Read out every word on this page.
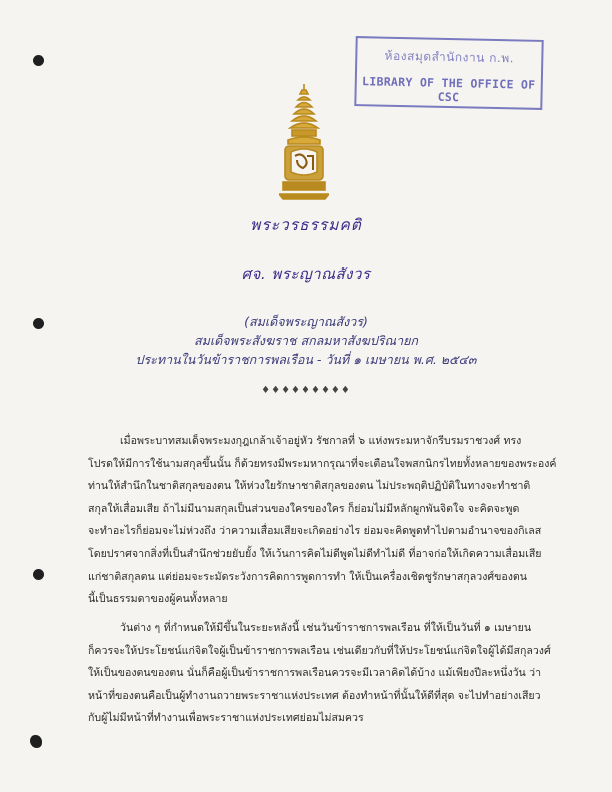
ห้องสมุดสำนักงาน ก.พ.
LIBRARY OF THE OFFICE OF CSC
พระวรธรรมคติ
ศจ. พระญาณสังวร
(สมเด็จพระญาณสังวร)
สมเด็จพระสังฆราช สกลมหาสังฆปริณายก
ประทานในวันข้าราชการพลเรือน - วันที่ ๑ เมษายน พ.ศ. ๒๕๔๓
♦♦♦♦♦♦♦♦♦
เมื่อพระบาทสมเด็จพระมงกุฎเกล้าเจ้าอยู่หัว รัชกาลที่ ๖ แห่งพระมหาจักรีบรมราชวงศ์ ทรง
โปรดให้มีการใช้นามสกุลขึ้นนั้น ก็ด้วยทรงมีพระมหากรุณาที่จะเตือนใจพสกนิกรไทยทั้งหลายของพระองค์
ท่านให้สำนึกในชาติสกุลของตน ให้ห่วงใยรักษาชาติสกุลของตน ไม่ประพฤติปฏิบัติในทางจะทำชาติ
สกุลให้เสื่อมเสีย ถ้าไม่มีนามสกุลเป็นส่วนของใครของใคร ก็ย่อมไม่มีหลักผูกพันจิตใจ จะคิดจะพูด
จะทำอะไรก็ย่อมจะไม่ห่วงถึง ว่าความเสื่อมเสียจะเกิดอย่างไร ย่อมจะคิดพูดทำไปตามอำนาจของกิเลส
โดยปราศจากสิ่งที่เป็นสำนึกช่วยยับยั้ง ให้เว้นการคิดไม่ดีพูดไม่ดีทำไม่ดี ที่อาจก่อให้เกิดความเสื่อมเสีย
แก่ชาติสกุลตน แต่ย่อมจะระมัดระวังการคิดการพูดการทำ ให้เป็นเครื่องเชิดชูรักษาสกุลวงศ์ของตน
นี้เป็นธรรมดาของผู้คนทั้งหลาย
วันต่าง ๆ ที่กำหนดให้มีขึ้นในระยะหลังนี้ เช่นวันข้าราชการพลเรือน ที่ให้เป็นวันที่ ๑ เมษายน
ก็ควรจะให้ประโยชน์แก่จิตใจผู้เป็นข้าราชการพลเรือน เช่นเดียวกับที่ให้ประโยชน์แก่จิตใจผู้ได้มีสกุลวงศ์
ให้เป็นของตนของตน นั่นก็คือผู้เป็นข้าราชการพลเรือนควรจะมีเวลาคิดได้บ้าง แม้เพียงปีละหนึ่งวัน ว่า
หน้าที่ของตนคือเป็นผู้ทำงานถวายพระราชาแห่งประเทศ ต้องทำหน้าที่นั้นให้ดีที่สุด จะไปทำอย่างเสียว
กับผู้ไม่มีหน้าที่ทำงานเพื่อพระราชาแห่งประเทศย่อมไม่สมควร
